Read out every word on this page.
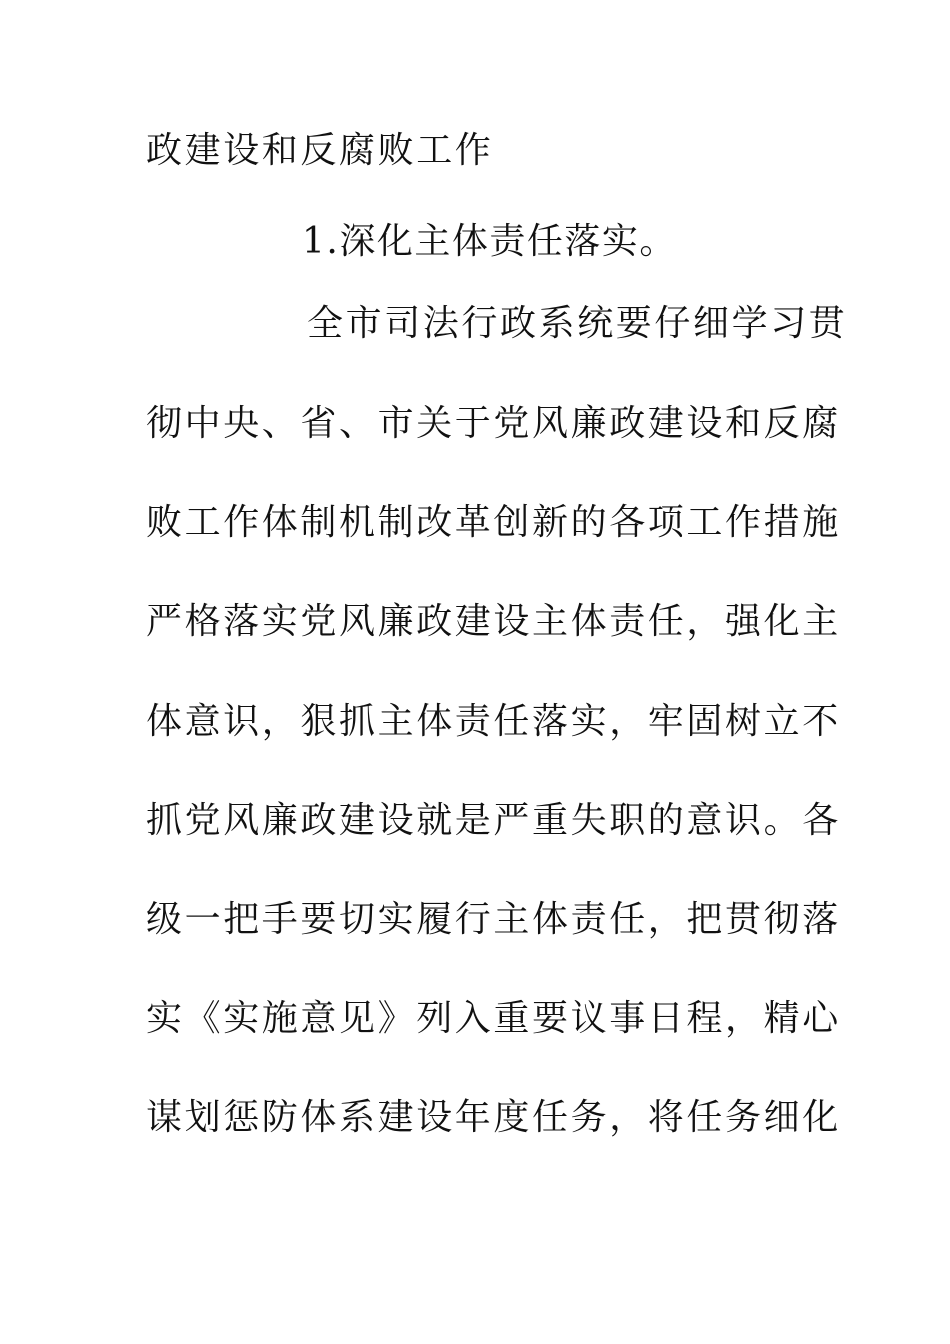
政建设和反腐败工作
1.深化主体责任落实。
全市司法行政系统要仔细学习贯
彻中央、省、市关于党风廉政建设和反腐
败工作体制机制改革创新的各项工作措施
严格落实党风廉政建设主体责任，强化主
体意识，狠抓主体责任落实，牢固树立不
抓党风廉政建设就是严重失职的意识。各
级一把手要切实履行主体责任，把贯彻落
实《实施意见》列入重要议事日程，精心
谋划惩防体系建设年度任务，将任务细化
